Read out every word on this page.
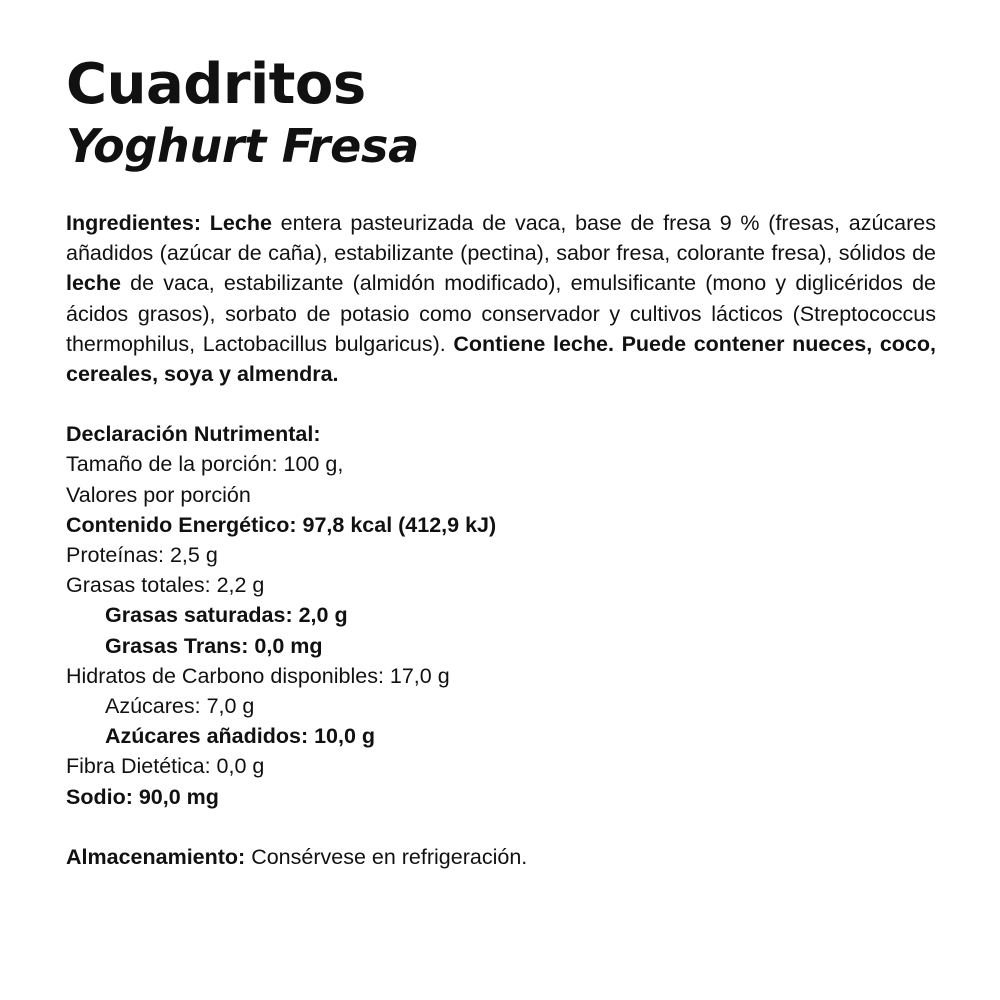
Cuadritos
Yoghurt Fresa

Ingredientes: Leche entera pasteurizada de vaca, base de fresa 9 % (fresas, azúcares añadidos (azúcar de caña), estabilizante (pectina), sabor fresa, colorante fresa), sólidos de leche de vaca, estabilizante (almidón modificado), emulsificante (mono y diglicéridos de ácidos grasos), sorbato de potasio como conservador y cultivos lácticos (Streptococcus thermophilus, Lactobacillus bulgaricus). Contiene leche. Puede contener nueces, coco, cereales, soya y almendra.

Declaración Nutrimental:
Tamaño de la porción: 100 g,
Valores por porción
Contenido Energético: 97,8 kcal (412,9 kJ)
Proteínas: 2,5 g
Grasas totales: 2,2 g
Grasas saturadas: 2,0 g
Grasas Trans: 0,0 mg
Hidratos de Carbono disponibles: 17,0 g
Azúcares: 7,0 g
Azúcares añadidos: 10,0 g
Fibra Dietética: 0,0 g
Sodio: 90,0 mg

Almacenamiento: Consérvese en refrigeración.
